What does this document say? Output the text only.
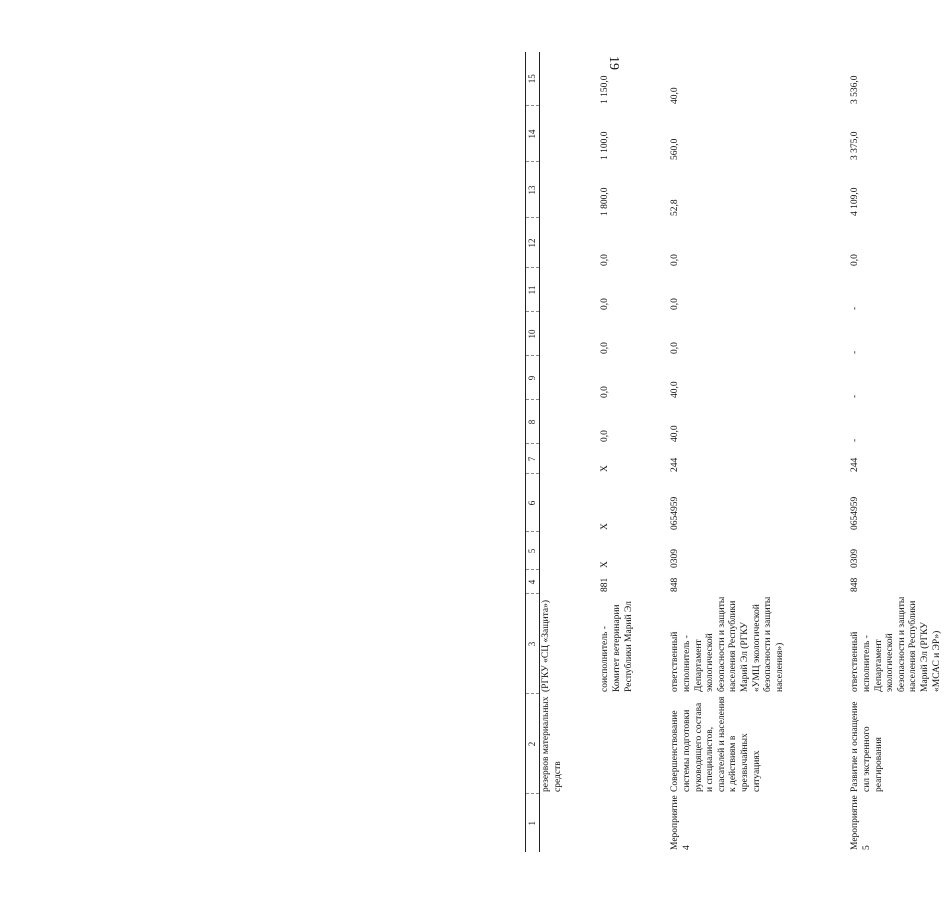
19
1	2	3	4	5	6	7	8	9	10	11	12	13	14	15
	резервов материальных средств	(РГКУ «СЦ «Защита»)												
		соисполнитель - Комитет ветеринарии Республики Марий Эл	881	X	X	X	0,0	0,0	0,0	0,0	0,0	1 800,0	1 100,0	1 150,0
Мероприятие 4	Совершенствование системы подготовки руководящего состава и специалистов, спасателей и населения к действиям в чрезвычайных ситуациях	ответственный исполнитель - Департамент экологической безопасности и защиты населения Республики Марий Эл (РГКУ «УМЦ экологической безопасности и защиты населения»)	848	0309	0654959	244	40,0	40,0	0,0	0,0	0,0	52,8	560,0	40,0
Мероприятие 5	Развитие и оснащение сил экстренного реагирования	ответственный исполнитель - Департамент экологической безопасности и защиты населения Республики Марий Эл (РГКУ «МСАС и ЭР»)	848	0309	0654959	244	-	-	-	-	0,0	4 109,0	3 375,0	3 536,0
